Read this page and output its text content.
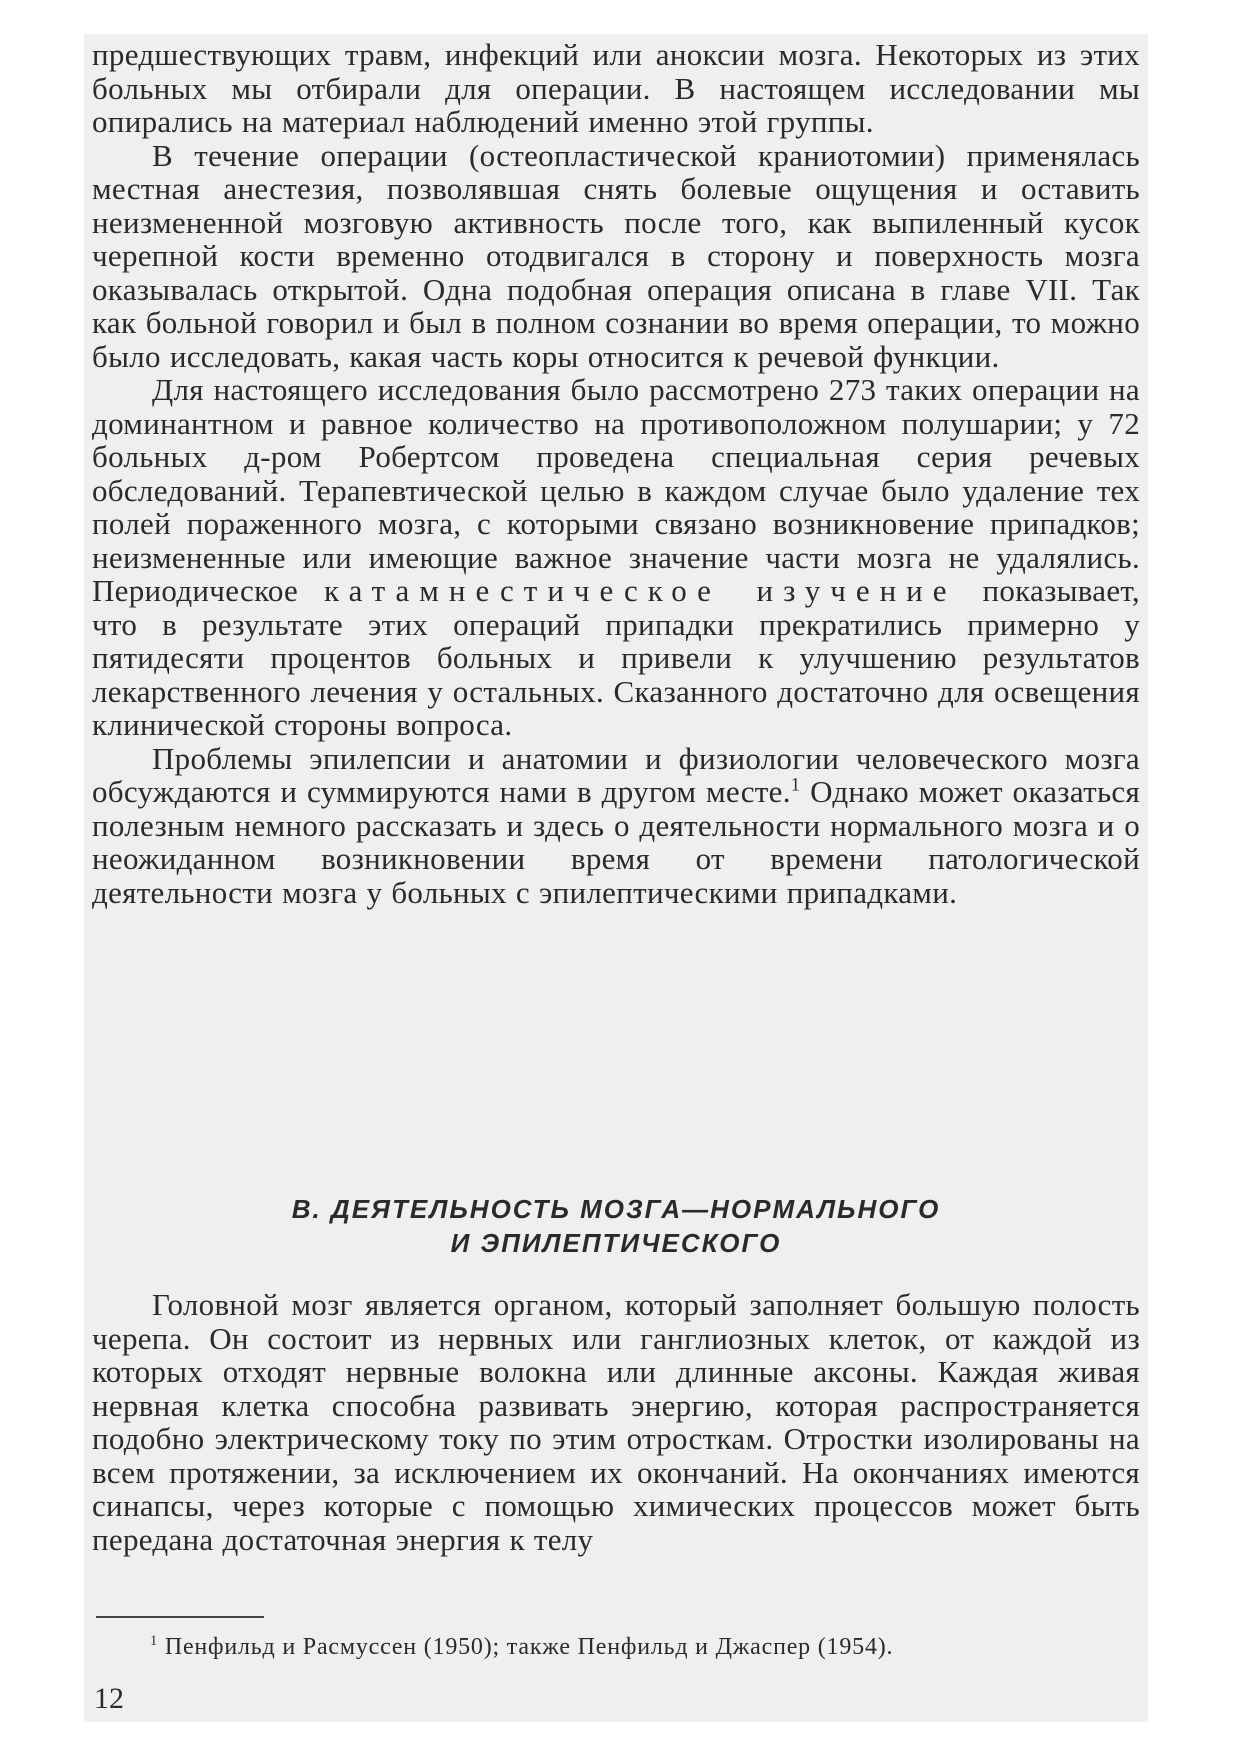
предшествующих травм, инфекций или аноксии мозга. Некоторых из этих больных мы отбирали для операции. В настоящем исследовании мы опирались на материал наблюдений именно этой группы.

В течение операции (остеопластической краниотомии) применялась местная анестезия, позволявшая снять болевые ощущения и оставить неизмененной мозговую активность после того, как выпиленный кусок черепной кости временно отодвигался в сторону и поверхность мозга оказывалась открытой. Одна подобная операция описана в главе VII. Так как больной говорил и был в полном сознании во время операции, то можно было исследовать, какая часть коры относится к речевой функции.

Для настоящего исследования было рассмотрено 273 таких операции на доминантном и равное количество на противоположном полушарии; у 72 больных д-ром Робертсом проведена специальная серия речевых обследований. Терапевтической целью в каждом случае было удаление тех полей пораженного мозга, с которыми связано возникновение припадков; неизмененные или имеющие важное значение части мозга не удалялись. Периодическое катамнестическое изучение показывает, что в результате этих операций припадки прекратились примерно у пятидесяти процентов больных и привели к улучшению результатов лекарственного лечения у остальных. Сказанного достаточно для освещения клинической стороны вопроса.

Проблемы эпилепсии и анатомии и физиологии человеческого мозга обсуждаются и суммируются нами в другом месте.$^1$ Однако может оказаться полезным немного рассказать и здесь о деятельности нормального мозга и о неожиданном возникновении время от времени патологической деятельности мозга у больных с эпилептическими припадками.

В. ДЕЯТЕЛЬНОСТЬ МОЗГА—НОРМАЛЬНОГО
И ЭПИЛЕПТИЧЕСКОГО

Головной мозг является органом, который заполняет большую полость черепа. Он состоит из нервных или ганглиозных клеток, от каждой из которых отходят нервные волокна или длинные аксоны. Каждая живая нервная клетка способна развивать энергию, которая распространяется подобно электрическому току по этим отросткам. Отростки изолированы на всем протяжении, за исключением их окончаний. На окончаниях имеются синапсы, через которые с помощью химических процессов может быть передана достаточная энергия к телу

$^1$ Пенфильд и Расмуссен (1950); также Пенфильд и Джаспер (1954).
12
